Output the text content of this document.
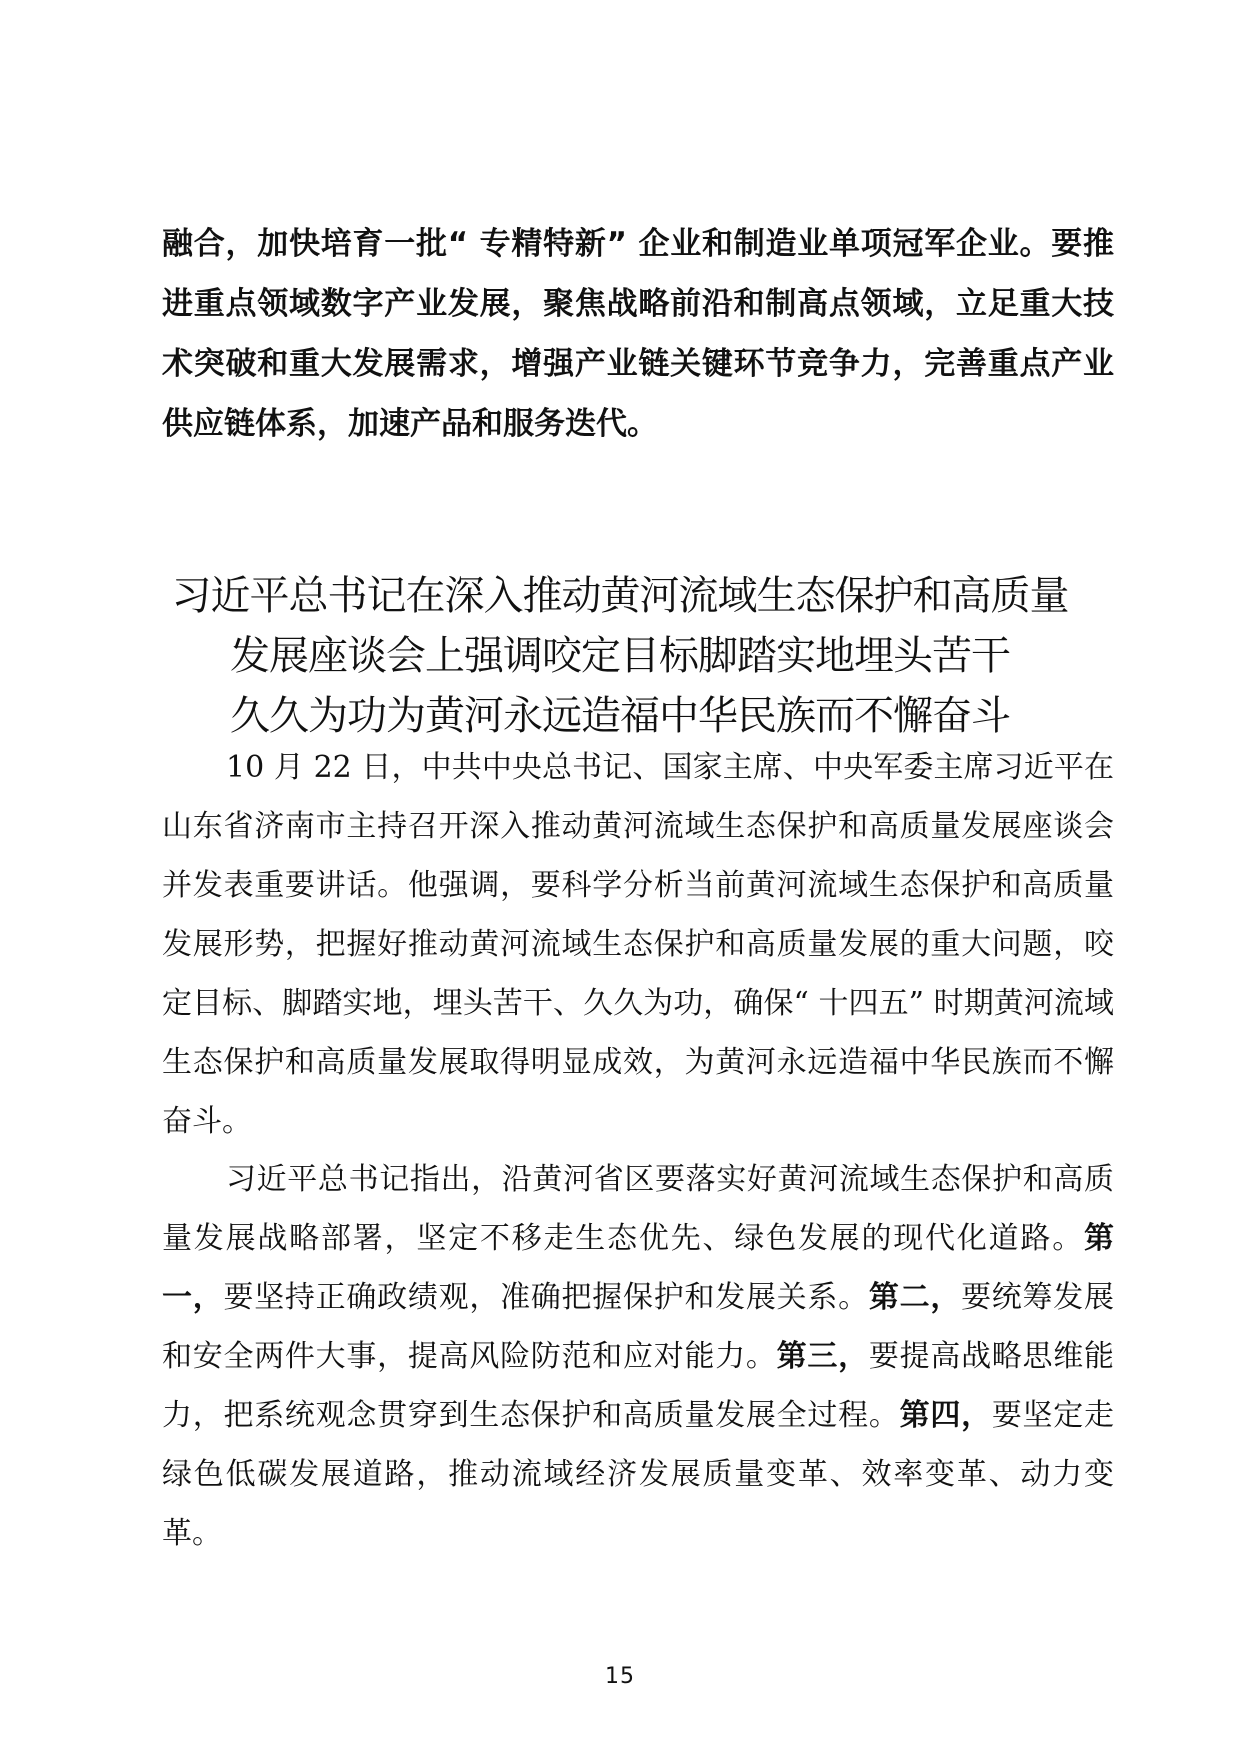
融合，加快培育一批“ 专精特新” 企业和制造业单项冠军企业。要推进重点领域数字产业发展，聚焦战略前沿和制高点领域，立足重大技术突破和重大发展需求，增强产业链关键环节竞争力，完善重点产业供应链体系，加速产品和服务迭代。

习近平总书记在深入推动黄河流域生态保护和高质量
发展座谈会上强调咬定目标脚踏实地埋头苦干
久久为功为黄河永远造福中华民族而不懈奋斗

10 月 22 日，中共中央总书记、国家主席、中央军委主席习近平在山东省济南市主持召开深入推动黄河流域生态保护和高质量发展座谈会并发表重要讲话。他强调，要科学分析当前黄河流域生态保护和高质量发展形势，把握好推动黄河流域生态保护和高质量发展的重大问题，咬定目标、脚踏实地，埋头苦干、久久为功，确保“ 十四五” 时期黄河流域生态保护和高质量发展取得明显成效，为黄河永远造福中华民族而不懈奋斗。

习近平总书记指出，沿黄河省区要落实好黄河流域生态保护和高质量发展战略部署，坚定不移走生态优先、绿色发展的现代化道路。第一，要坚持正确政绩观，准确把握保护和发展关系。第二，要统筹发展和安全两件大事，提高风险防范和应对能力。第三，要提高战略思维能力，把系统观念贯穿到生态保护和高质量发展全过程。第四，要坚定走绿色低碳发展道路，推动流域经济发展质量变革、效率变革、动力变革。

15
